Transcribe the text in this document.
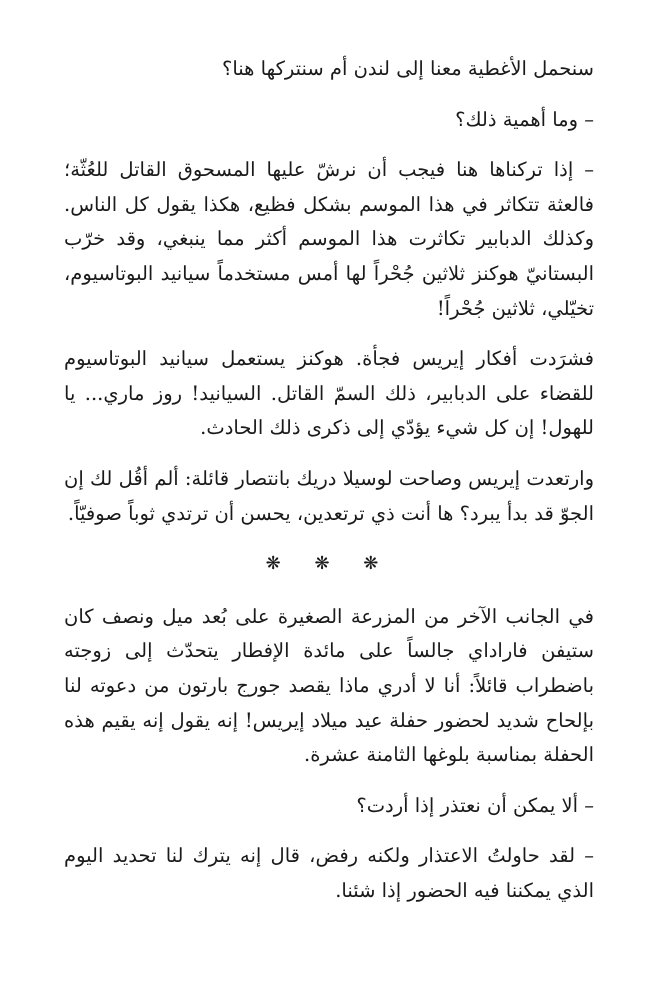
سنحمل الأغطية معنا إلى لندن أم سنتركها هنا؟

– وما أهمية ذلك؟

– إذا تركناها هنا فيجب أن نرشّ عليها المسحوق القاتل للعُثّة؛ فالعثة تتكاثر في هذا الموسم بشكل فظيع، هكذا يقول كل الناس. وكذلك الدبابير تكاثرت هذا الموسم أكثر مما ينبغي، وقد خرّب البستانيّ هوكنز ثلاثين جُحْراً لها أمس مستخدماً سيانيد البوتاسيوم، تخيّلي، ثلاثين جُحْراً!

فشرَدت أفكار إيريس فجأة. هوكنز يستعمل سيانيد البوتاسيوم للقضاء على الدبابير، ذلك السمّ القاتل. السيانيد! روز ماري... يا للهول! إن كل شيء يؤدّي إلى ذكرى ذلك الحادث.

وارتعدت إيريس وصاحت لوسيلا دريك بانتصار قائلة: ألم أقُل لك إن الجوّ قد بدأ يبرد؟ ها أنت ذي ترتعدين، يحسن أن ترتدي ثوباً صوفيّاً.

❋ ❋ ❋

في الجانب الآخر من المزرعة الصغيرة على بُعد ميل ونصف كان ستيفن فاراداي جالساً على مائدة الإفطار يتحدّث إلى زوجته باضطراب قائلاً: أنا لا أدري ماذا يقصد جورج بارتون من دعوته لنا بإلحاح شديد لحضور حفلة عيد ميلاد إيريس! إنه يقول إنه يقيم هذه الحفلة بمناسبة بلوغها الثامنة عشرة.

– ألا يمكن أن نعتذر إذا أردت؟

– لقد حاولتُ الاعتذار ولكنه رفض، قال إنه يترك لنا تحديد اليوم الذي يمكننا فيه الحضور إذا شئنا.
